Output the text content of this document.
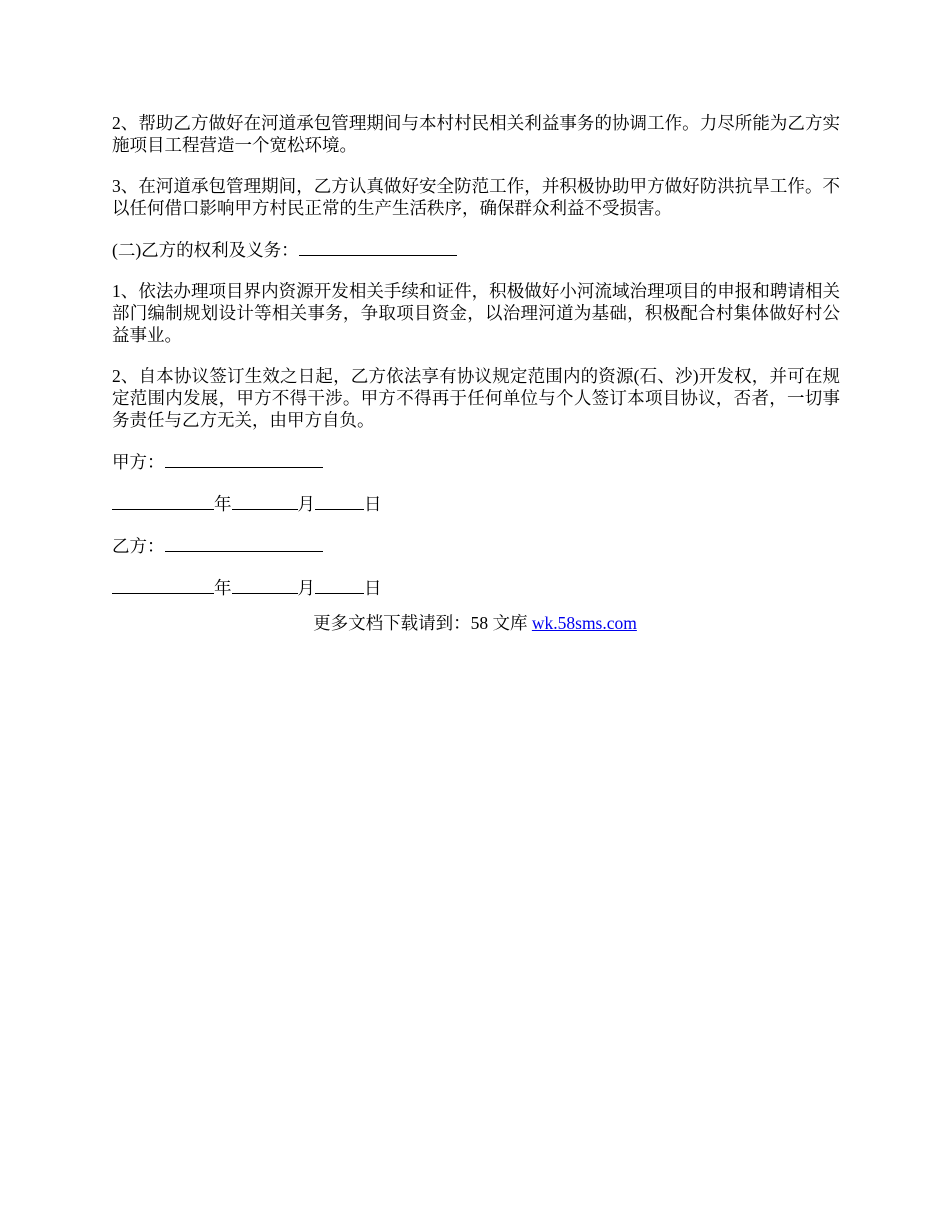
2、帮助乙方做好在河道承包管理期间与本村村民相关利益事务的协调工作。力尽所能为乙方实施项目工程营造一个宽松环境。

3、在河道承包管理期间，乙方认真做好安全防范工作，并积极协助甲方做好防洪抗旱工作。不以任何借口影响甲方村民正常的生产生活秩序，确保群众利益不受损害。

(二)乙方的权利及义务：

1、依法办理项目界内资源开发相关手续和证件，积极做好小河流域治理项目的申报和聘请相关部门编制规划设计等相关事务，争取项目资金，以治理河道为基础，积极配合村集体做好村公益事业。

2、自本协议签订生效之日起，乙方依法享有协议规定范围内的资源(石、沙)开发权，并可在规定范围内发展，甲方不得干涉。甲方不得再于任何单位与个人签订本项目协议，否者，一切事务责任与乙方无关，由甲方自负。

甲方：

年	月	日

乙方：

年	月	日

更多文档下载请到：58 文库 wk.58sms.com
